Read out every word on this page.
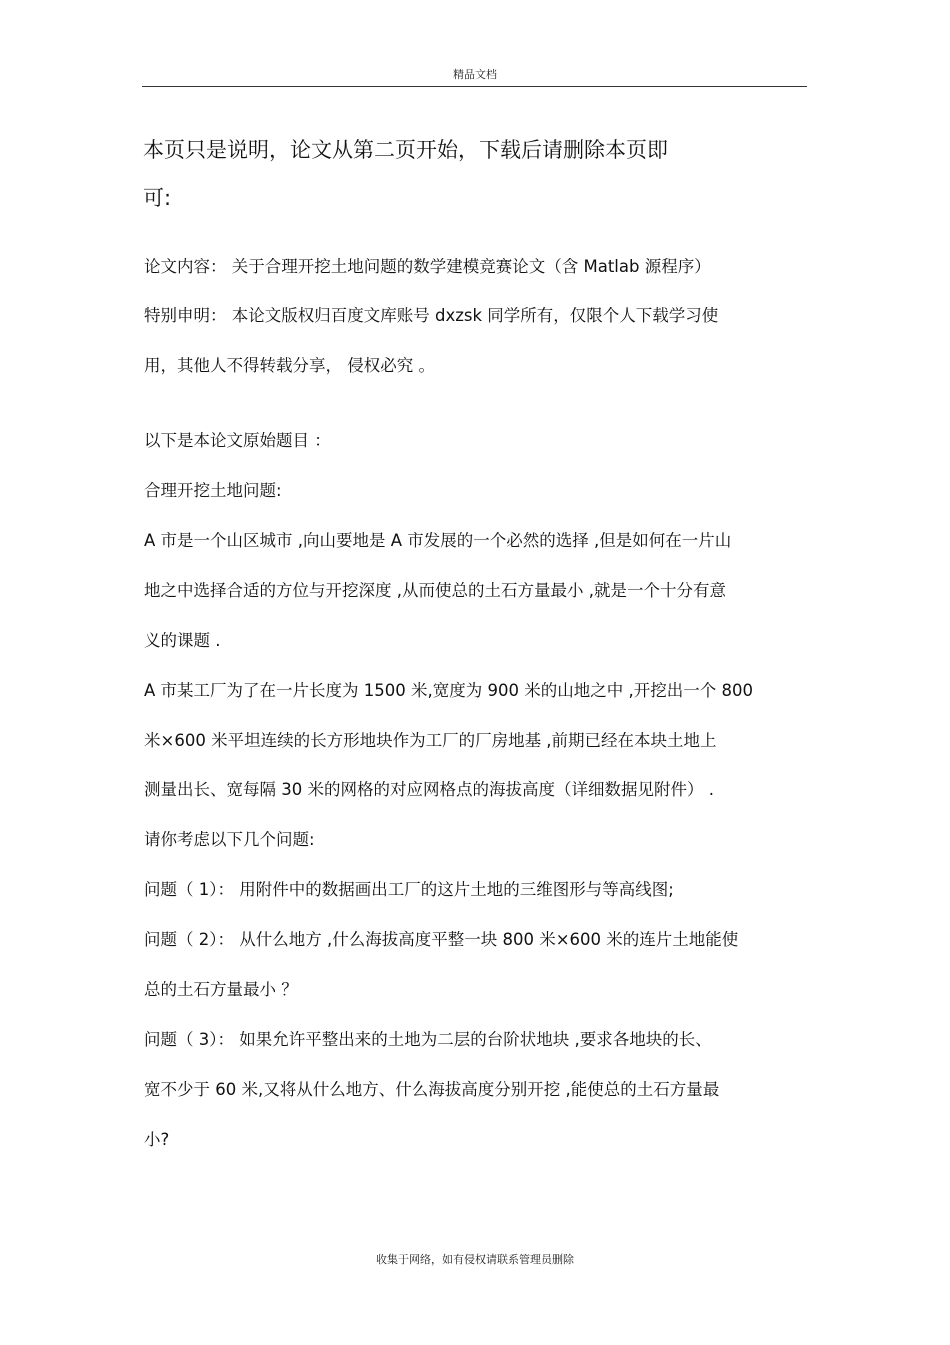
精品文档
本页只是说明，论文从第二页开始，下载后请删除本页即
可:
论文内容： 关于合理开挖土地问题的数学建模竞赛论文（含 Matlab 源程序）
特别申明： 本论文版权归百度文库账号 dxzsk 同学所有，仅限个人下载学习使
用，其他人不得转载分享， 侵权必究 。
以下是本论文原始题目 ：
合理开挖土地问题:
A 市是一个山区城市 ,向山要地是 A 市发展的一个必然的选择 ,但是如何在一片山
地之中选择合适的方位与开挖深度 ,从而使总的土石方量最小 ,就是一个十分有意
义的课题 .
A 市某工厂为了在一片长度为 1500 米,宽度为 900 米的山地之中 ,开挖出一个 800
米×600 米平坦连续的长方形地块作为工厂的厂房地基 ,前期已经在本块土地上
测量出长、宽每隔 30 米的网格的对应网格点的海拔高度（详细数据见附件） .
请你考虑以下几个问题:
问题（ 1）： 用附件中的数据画出工厂的这片土地的三维图形与等高线图;
问题（ 2）： 从什么地方 ,什么海拔高度平整一块 800 米×600 米的连片土地能使
总的土石方量最小 ？
问题（ 3）： 如果允许平整出来的土地为二层的台阶状地块 ,要求各地块的长、
宽不少于 60 米,又将从什么地方、什么海拔高度分别开挖 ,能使总的土石方量最
小?
收集于网络，如有侵权请联系管理员删除
